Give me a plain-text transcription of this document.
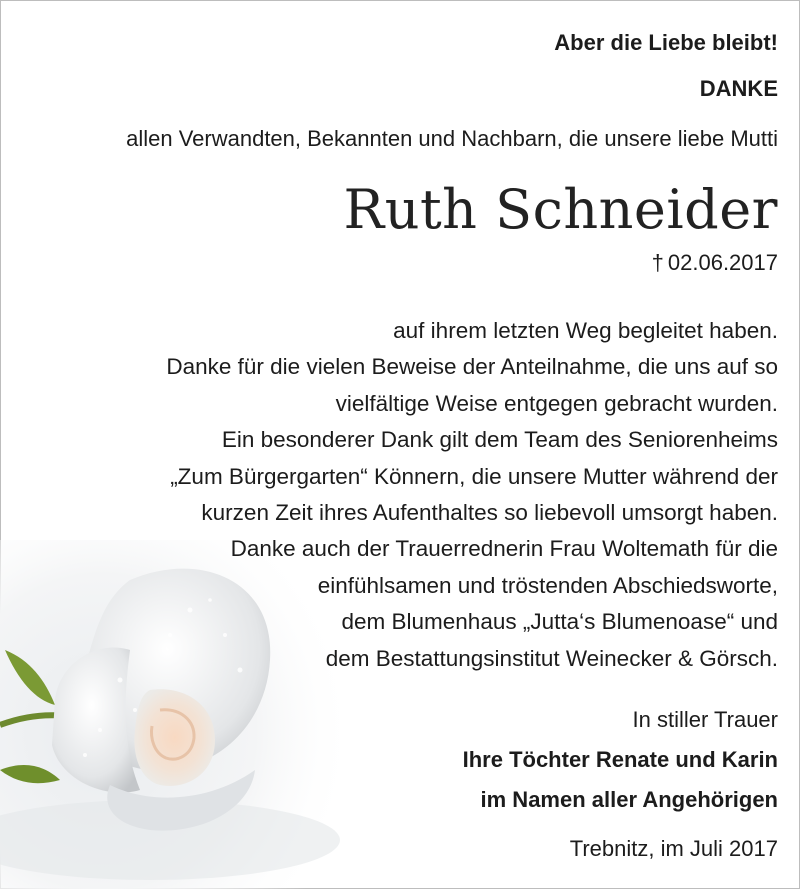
Aber die Liebe bleibt!
DANKE
allen Verwandten, Bekannten und Nachbarn, die unsere liebe Mutti
Ruth Schneider
† 02.06.2017
auf ihrem letzten Weg begleitet haben.
Danke für die vielen Beweise der Anteilnahme, die uns auf so
vielfältige Weise entgegen gebracht wurden.
Ein besonderer Dank gilt dem Team des Seniorenheims
„Zum Bürgergarten“ Könnern, die unsere Mutter während der
kurzen Zeit ihres Aufenthaltes so liebevoll umsorgt haben.
Danke auch der Trauerrednerin Frau Woltemath für die
einfühlsamen und tröstenden Abschiedsworte,
dem Blumenhaus „Jutta‘s Blumenoase“ und
dem Bestattungsinstitut Weinecker & Görsch.
In stiller Trauer
Ihre Töchter Renate und Karin
im Namen aller Angehörigen
Trebnitz, im Juli 2017
